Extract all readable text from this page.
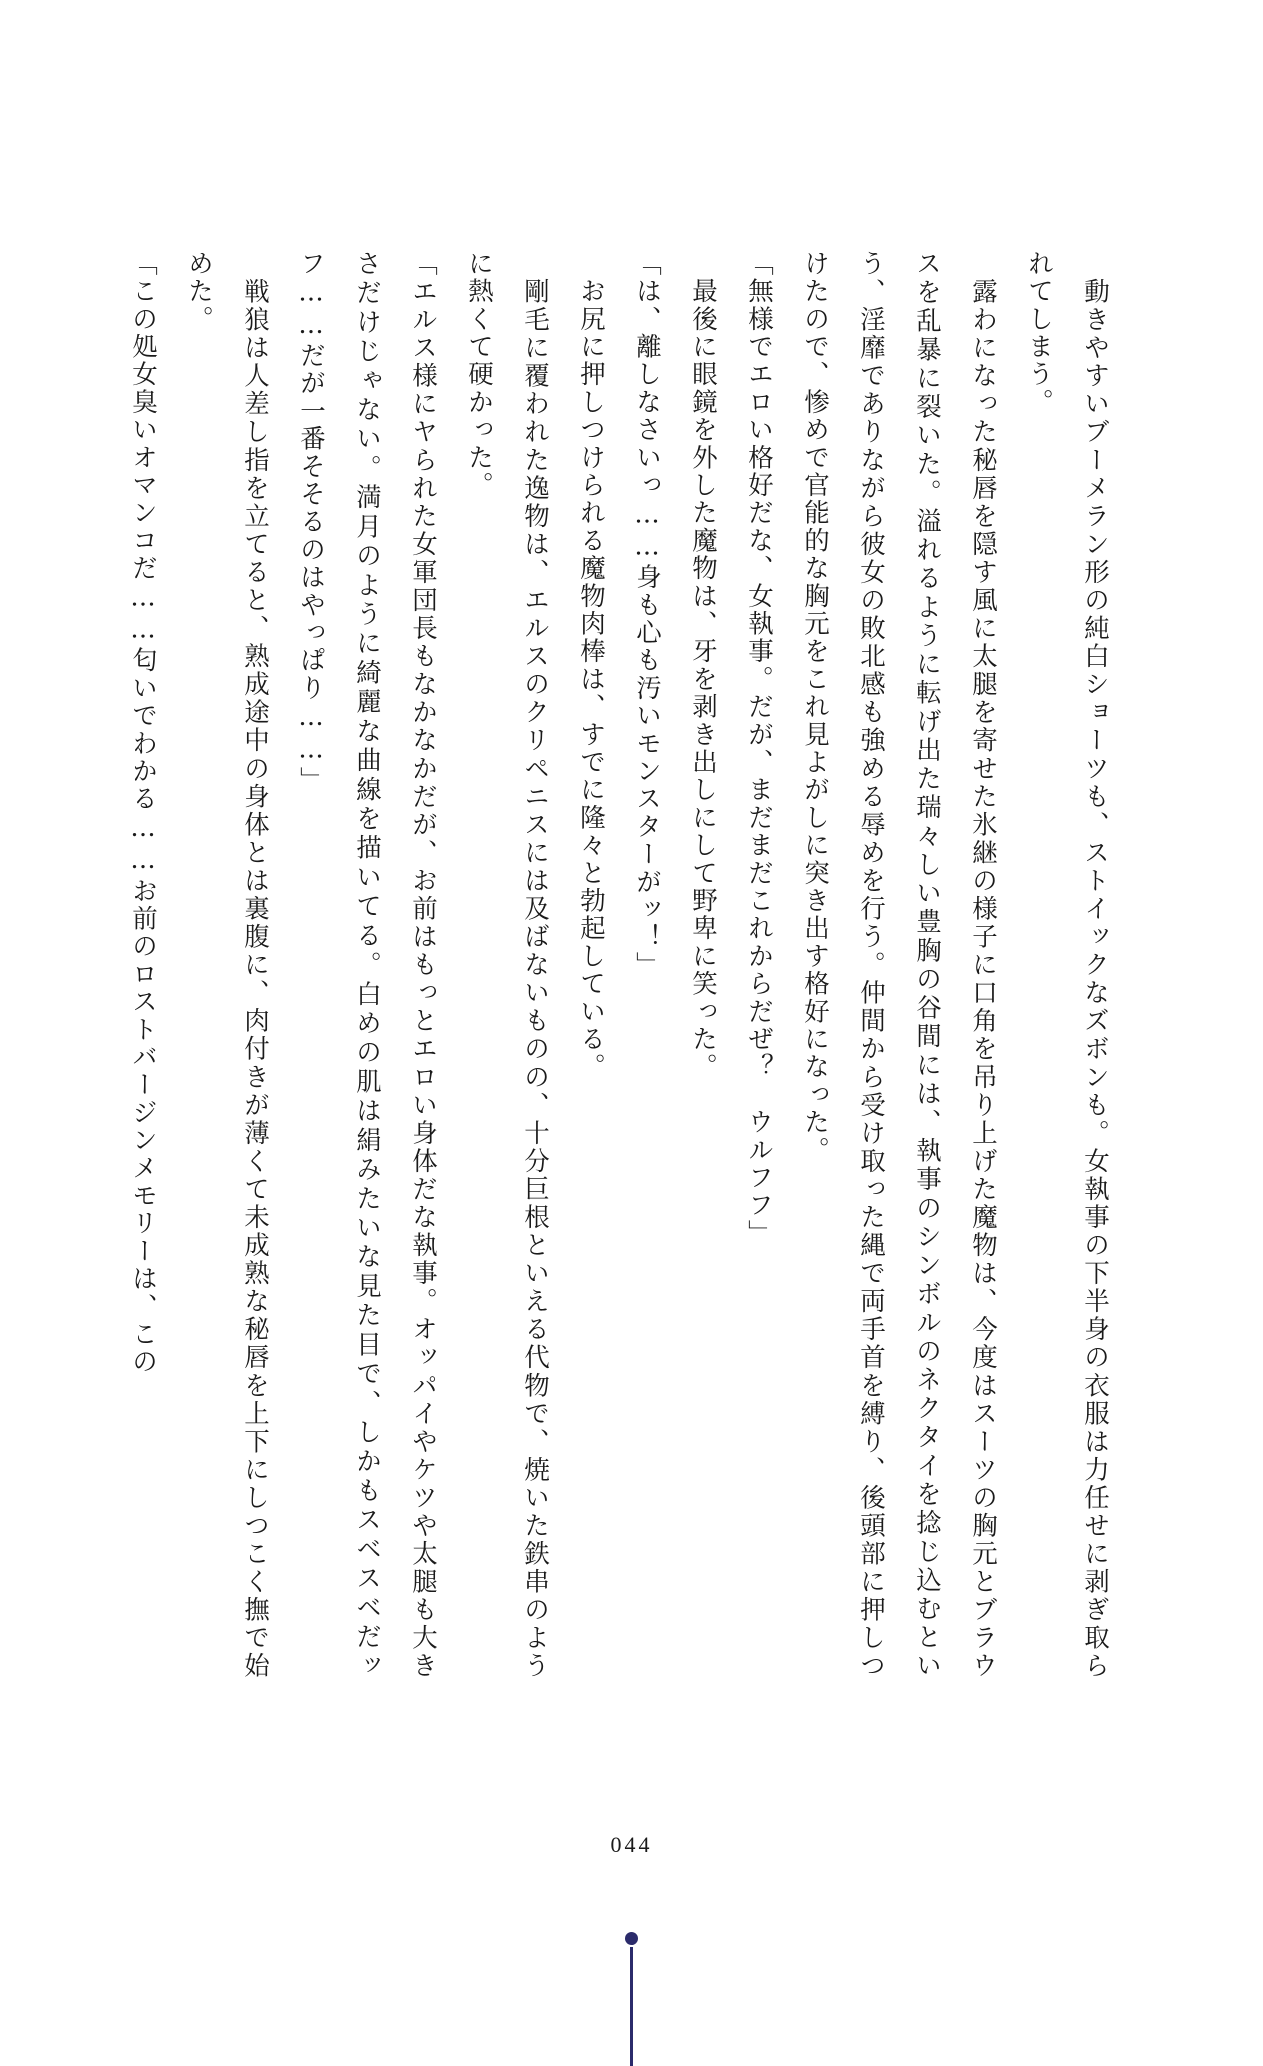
　動きやすいブーメラン形の純白ショーツも、ストイックなズボンも。女執事の下半身の衣服は力任せに剥ぎ取られてしまう。

　露わになった秘唇を隠す風に太腿を寄せた氷継の様子に口角を吊り上げた魔物は、今度はスーツの胸元とブラウスを乱暴に裂いた。溢れるように転げ出た瑞々しい豊胸の谷間には、執事のシンボルのネクタイを捻じ込むという、淫靡でありながら彼女の敗北感も強める辱めを行う。仲間から受け取った縄で両手首を縛り、後頭部に押しつけたので、惨めで官能的な胸元をこれ見よがしに突き出す格好になった。

「無様でエロい格好だな、女執事。だが、まだまだこれからだぜ？　ウルフフ」

　最後に眼鏡を外した魔物は、牙を剥き出しにして野卑に笑った。

「は、離しなさいっ……身も心も汚いモンスターがッ！」

　お尻に押しつけられる魔物肉棒は、すでに隆々と勃起している。

　剛毛に覆われた逸物は、エルスのクリペニスには及ばないものの、十分巨根といえる代物で、焼いた鉄串のように熱くて硬かった。

「エルス様にヤられた女軍団長もなかなかだが、お前はもっとエロい身体だな執事。オッパイやケツや太腿も大きさだけじゃない。満月のように綺麗な曲線を描いてる。白めの肌は絹みたいな見た目で、しかもスベスベだッフ……だが一番そそるのはやっぱり……」

　戦狼は人差し指を立てると、熟成途中の身体とは裏腹に、肉付きが薄くて未成熟な秘唇を上下にしつこく撫で始めた。

「この処女臭いオマンコだ……匂いでわかる……お前のロストバージンメモリーは、この

044
